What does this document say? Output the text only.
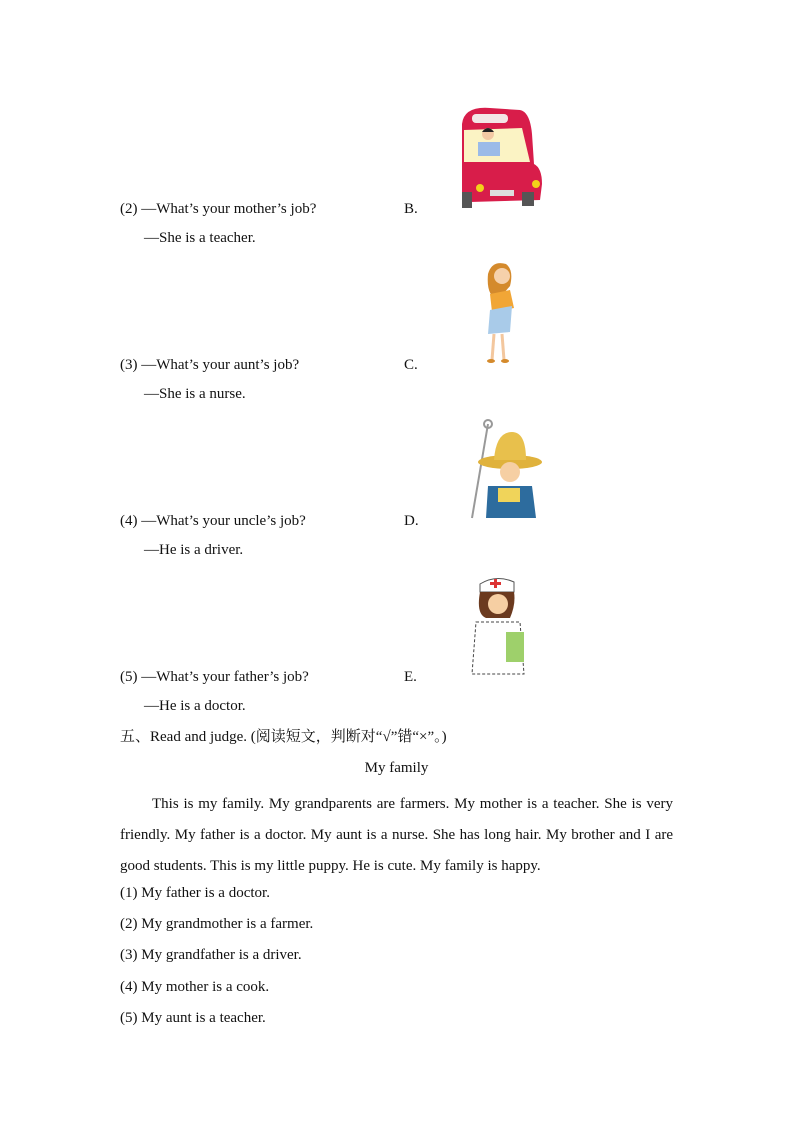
(2) —What’s your mother’s job?	B.
—She is a teacher.
(3) —What’s your aunt’s job?	C.
—She is a nurse.
(4) —What’s your uncle’s job?	D.
—He is a driver.
(5) —What’s your father’s job?	E.
—He is a doctor.
五、Read and judge. (阅读短文，判断对“√”错“×”。)
My family
This is my family. My grandparents are farmers. My mother is a teacher. She is very friendly. My father is a doctor. My aunt is a nurse. She has long hair. My brother and I are good students. This is my little puppy. He is cute. My family is happy.
(1) My father is a doctor.
(2) My grandmother is a farmer.
(3) My grandfather is a driver.
(4) My mother is a cook.
(5) My aunt is a teacher.
